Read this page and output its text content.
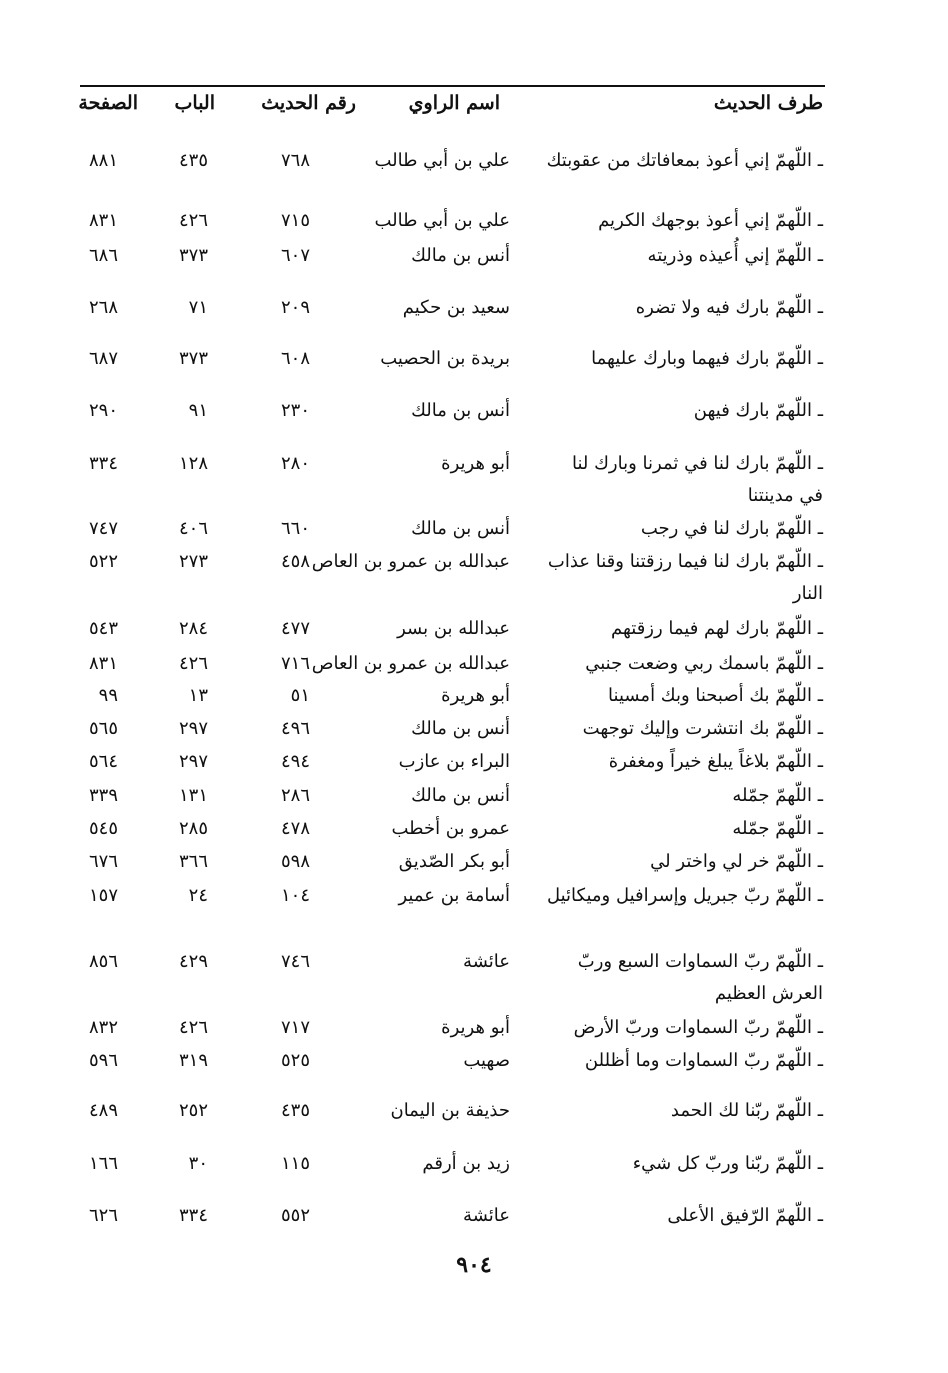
طرف الحديث
اسم الراوي
رقم الحديث
الباب
الصفحة
ـ اللّهمّ إني أعوذ بمعافاتك من عقوبتك
علي بن أبي طالب
٧٦٨
٤٣٥
٨٨١
ـ اللّهمّ إني أعوذ بوجهك الكريم
علي بن أبي طالب
٧١٥
٤٢٦
٨٣١
ـ اللّهمّ إني أُعيذه وذريته
أنس بن مالك
٦٠٧
٣٧٣
٦٨٦
ـ اللّهمّ بارك فيه ولا تضره
سعيد بن حكيم
٢٠٩
٧١
٢٦٨
ـ اللّهمّ بارك فيهما وبارك عليهما
بريدة بن الحصيب
٦٠٨
٣٧٣
٦٨٧
ـ اللّهمّ بارك فيهن
أنس بن مالك
٢٣٠
٩١
٢٩٠
ـ اللّهمّ بارك لنا في ثمرنا وبارك لنا في مدينتنا
أبو هريرة
٢٨٠
١٢٨
٣٣٤
ـ اللّهمّ بارك لنا في رجب
أنس بن مالك
٦٦٠
٤٠٦
٧٤٧
ـ اللّهمّ بارك لنا فيما رزقتنا وقنا عذاب النار
عبدالله بن عمرو بن العاص
٤٥٨
٢٧٣
٥٢٢
ـ اللّهمّ بارك لهم فيما رزقتهم
عبدالله بن بسر
٤٧٧
٢٨٤
٥٤٣
ـ اللّهمّ باسمك ربي وضعت جنبي
عبدالله بن عمرو بن العاص
٧١٦
٤٢٦
٨٣١
ـ اللّهمّ بك أصبحنا وبك أمسينا
أبو هريرة
٥١
١٣
٩٩
ـ اللّهمّ بك انتشرت وإليك توجهت
أنس بن مالك
٤٩٦
٢٩٧
٥٦٥
ـ اللّهمّ بلاغاً يبلغ خيراً ومغفرة
البراء بن عازب
٤٩٤
٢٩٧
٥٦٤
ـ اللّهمّ جمّله
أنس بن مالك
٢٨٦
١٣١
٣٣٩
ـ اللّهمّ جمّله
عمرو بن أخطب
٤٧٨
٢٨٥
٥٤٥
ـ اللّهمّ خر لي واختر لي
أبو بكر الصّديق
٥٩٨
٣٦٦
٦٧٦
ـ اللّهمّ ربّ جبريل وإسرافيل وميكائيل
أسامة بن عمير
١٠٤
٢٤
١٥٧
ـ اللّهمّ ربّ السماوات السبع وربّ العرش العظيم
عائشة
٧٤٦
٤٢٩
٨٥٦
ـ اللّهمّ ربّ السماوات وربّ الأرض
أبو هريرة
٧١٧
٤٢٦
٨٣٢
ـ اللّهمّ ربّ السماوات وما أظللن
صهيب
٥٢٥
٣١٩
٥٩٦
ـ اللّهمّ ربّنا لك الحمد
حذيفة بن اليمان
٤٣٥
٢٥٢
٤٨٩
ـ اللّهمّ ربّنا وربّ كل شيء
زيد بن أرقم
١١٥
٣٠
١٦٦
ـ اللّهمّ الرّفيق الأعلى
عائشة
٥٥٢
٣٣٤
٦٢٦
٩٠٤
